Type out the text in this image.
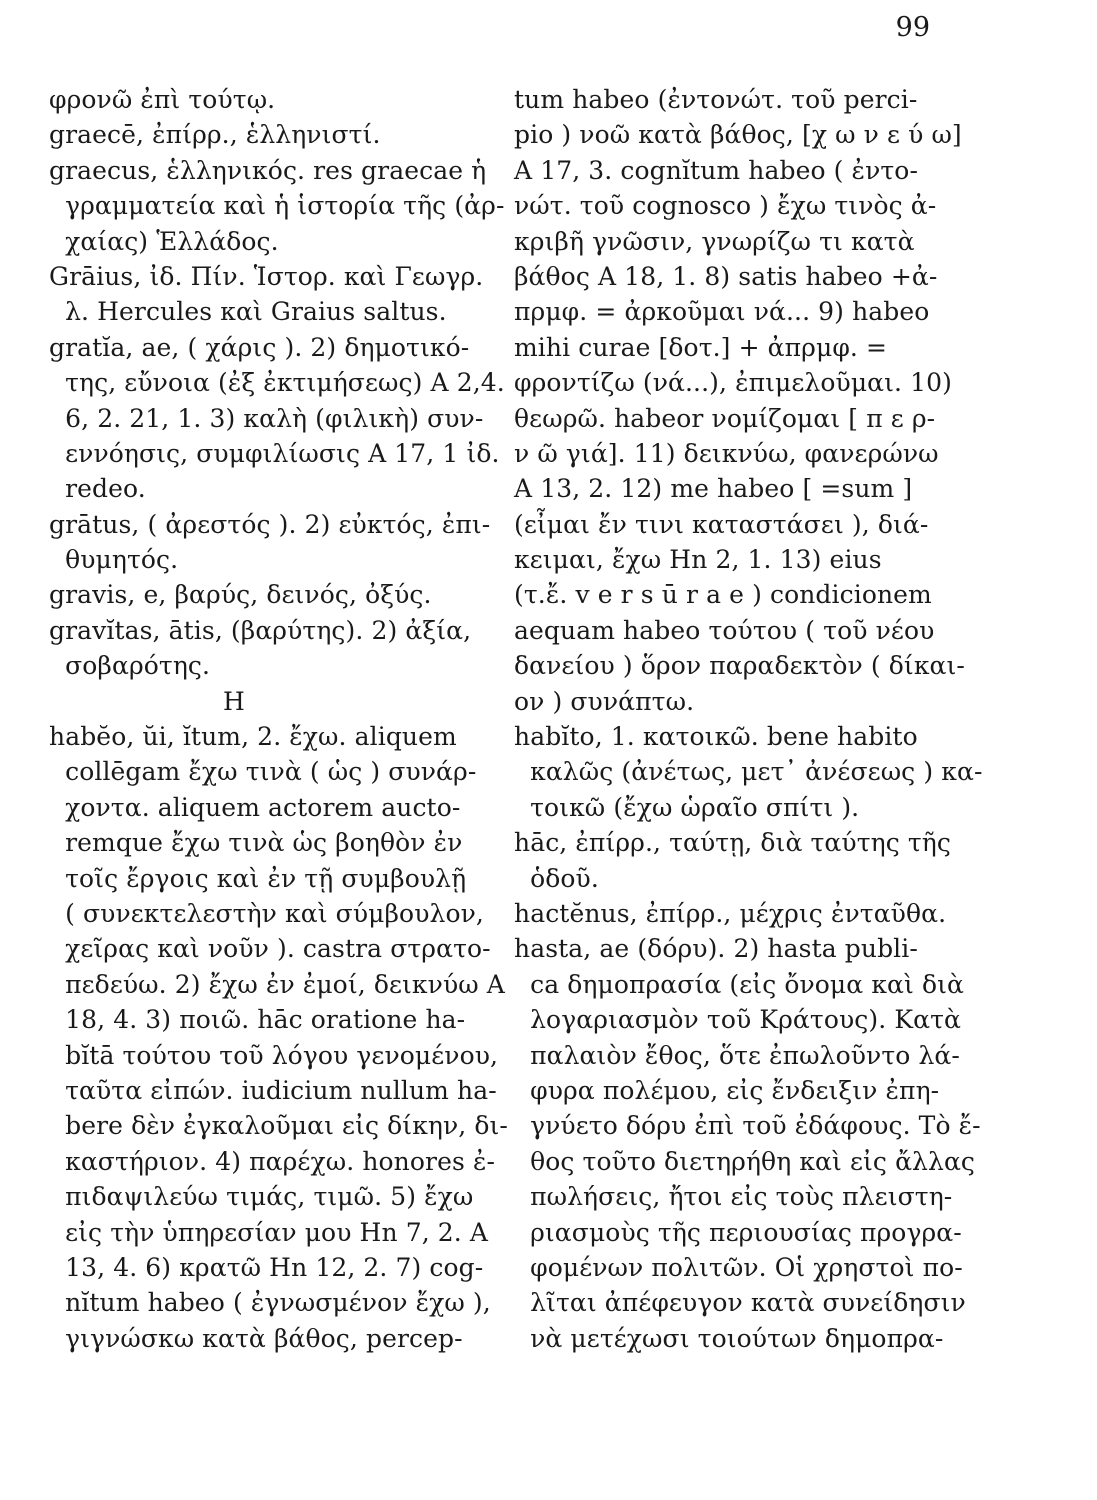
99
φρονῶ ἐπὶ τούτῳ.
graecē, ἐπίρρ., ἑλληνιστί.
graecus, ἑλληνικός. res graecae ἡ
γραμματεία καὶ ἡ ἱστορία τῆς (ἀρ-
χαίας) Ἑλλάδος.
Grāius, ἰδ. Πίν. Ἱστορ. καὶ Γεωγρ.
λ. Hercules καὶ Graius saltus.
gratĭa, ae, ( χάρις ). 2) δημοτικό-
της, εὔνοια (ἐξ ἐκτιμήσεως) A 2,4.
6, 2. 21, 1. 3) καλὴ (φιλικὴ) συν-
εννόησις, συμφιλίωσις A 17, 1 ἰδ.
redeo.
grātus, ( ἀρεστός ). 2) εὐκτός, ἐπι-
θυμητός.
gravis, e, βαρύς, δεινός, ὀξύς.
gravĭtas, ātis, (βαρύτης). 2) ἀξία,
σοβαρότης.
H
habĕo, ŭi, ĭtum, 2. ἔχω. aliquem
collēgam ἔχω τινὰ ( ὡς ) συνάρ-
χοντα. aliquem actorem aucto-
remque ἔχω τινὰ ὡς βοηθὸν ἐν
τοῖς ἔργοις καὶ ἐν τῇ συμβουλῇ
( συνεκτελεστὴν καὶ σύμβουλον,
χεῖρας καὶ νοῦν ). castra στρατο-
πεδεύω. 2) ἔχω ἐν ἐμοί, δεικνύω A
18, 4. 3) ποιῶ. hāc oratione ha-
bĭtā τούτου τοῦ λόγου γενομένου,
ταῦτα εἰπών. iudicium nullum ha-
bere δὲν ἐγκαλοῦμαι εἰς δίκην, δι-
καστήριον. 4) παρέχω. honores ἐ-
πιδαψιλεύω τιμάς, τιμῶ. 5) ἔχω
εἰς τὴν ὑπηρεσίαν μου Hn 7, 2. A
13, 4. 6) κρατῶ Hn 12, 2. 7) cog-
nĭtum habeo ( ἐγνωσμένον ἔχω ),
γιγνώσκω κατὰ βάθος, percep-
tum habeo (ἐντονώτ. τοῦ perci-
pio ) νοῶ κατὰ βάθος, [χ ω ν ε ύ ω]
A 17, 3. cognĭtum habeo ( ἐντο-
νώτ. τοῦ cognosco ) ἔχω τινὸς ἀ-
κριβῆ γνῶσιν, γνωρίζω τι κατὰ
βάθος A 18, 1. 8) satis habeo +ἀ-
πρμφ. = ἀρκοῦμαι νά... 9) habeo
mihi curae [δοτ.] + ἀπρμφ. =
φροντίζω (νά...), ἐπιμελοῦμαι. 10)
θεωρῶ. habeor νομίζομαι [ π ε ρ-
ν ῶ γιά]. 11) δεικνύω, φανερώνω
A 13, 2. 12) me habeo [ =sum ]
(εἶμαι ἔν τινι καταστάσει ), διά-
κειμαι, ἔχω Hn 2, 1. 13) eius
(τ.ἔ. v e r s ū r a e ) condicionem
aequam habeo τούτου ( τοῦ νέου
δανείου ) ὅρον παραδεκτὸν ( δίκαι-
ον ) συνάπτω.
habĭto, 1. κατοικῶ. bene habito
καλῶς (ἀνέτως, μετ᾽ ἀνέσεως ) κα-
τοικῶ (ἔχω ὡραῖο σπίτι ).
hāc, ἐπίρρ., ταύτῃ, διὰ ταύτης τῆς
ὁδοῦ.
hactĕnus, ἐπίρρ., μέχρις ἐνταῦθα.
hasta, ae (δόρυ). 2) hasta publi-
ca δημοπρασία (εἰς ὄνομα καὶ διὰ
λογαριασμὸν τοῦ Κράτους). Κατὰ
παλαιὸν ἔθος, ὅτε ἐπωλοῦντο λά-
φυρα πολέμου, εἰς ἔνδειξιν ἐπη-
γνύετο δόρυ ἐπὶ τοῦ ἐδάφους. Τὸ ἔ-
θος τοῦτο διετηρήθη καὶ εἰς ἄλλας
πωλήσεις, ἤτοι εἰς τοὺς πλειστη-
ριασμοὺς τῆς περιουσίας προγρα-
φομένων πολιτῶν. Οἱ χρηστοὶ πο-
λῖται ἀπέφευγον κατὰ συνείδησιν
νὰ μετέχωσι τοιούτων δημοπρα-
